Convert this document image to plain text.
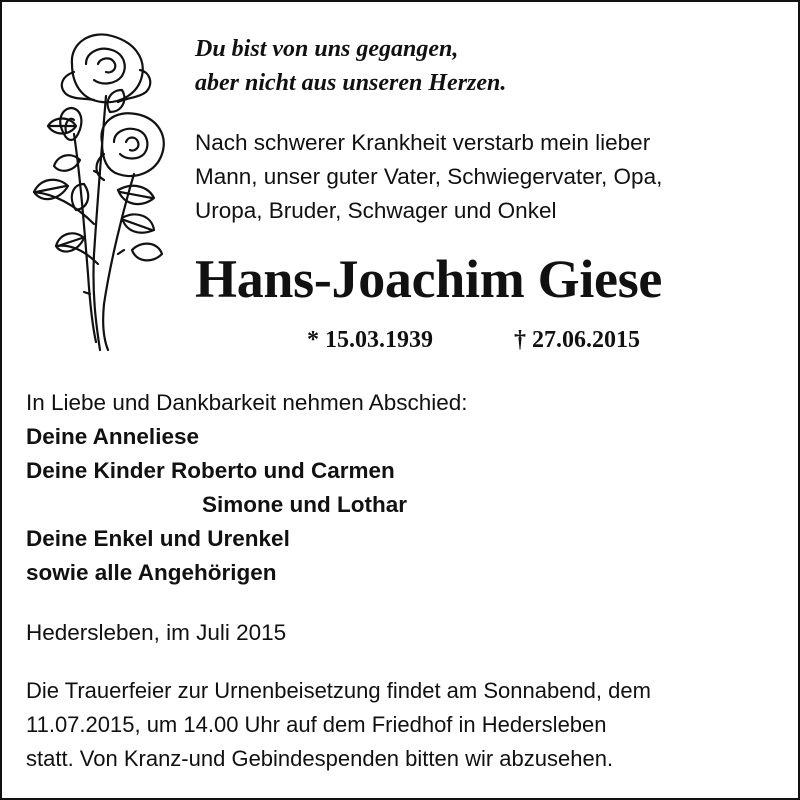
Du bist von uns gegangen,
aber nicht aus unseren Herzen.
Nach schwerer Krankheit verstarb mein lieber
Mann, unser guter Vater, Schwiegervater, Opa,
Uropa, Bruder, Schwager und Onkel
Hans-Joachim Giese
* 15.03.1939	† 27.06.2015
In Liebe und Dankbarkeit nehmen Abschied:
Deine Anneliese
Deine Kinder Roberto und Carmen
Simone und Lothar
Deine Enkel und Urenkel
sowie alle Angehörigen
Hedersleben, im Juli 2015
Die Trauerfeier zur Urnenbeisetzung findet am Sonnabend, dem
11.07.2015, um 14.00 Uhr auf dem Friedhof in Hedersleben
statt. Von Kranz-und Gebindespenden bitten wir abzusehen.
